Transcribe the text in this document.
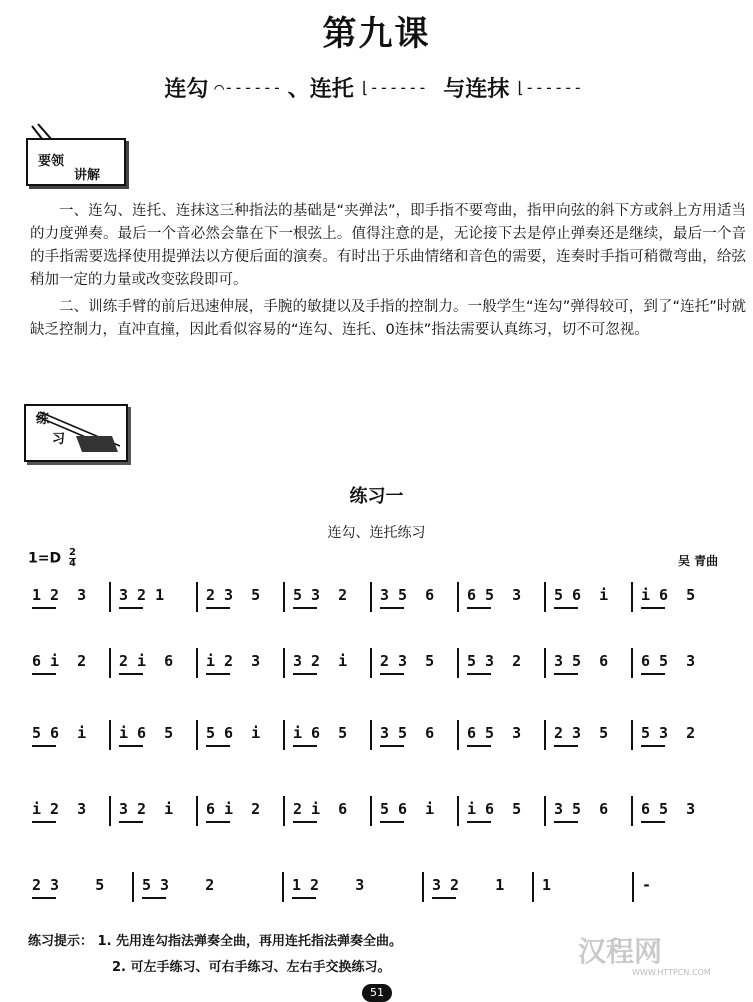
第九课
连勾 ⌒------ 、 连托 ⌊------ 与连抹 ⌊------
要领
讲解
一、连勾、连托、连抹这三种指法的基础是“夹弹法”，即手指不要弯曲，指甲向弦的斜下方或斜上方用适当的力度弹奏。最后一个音必然会靠在下一根弦上。值得注意的是，无论接下去是停止弹奏还是继续，最后一个音的手指需要选择使用提弹法以方便后面的演奏。有时出于乐曲情绪和音色的需要，连奏时手指可稍微弯曲，给弦稍加一定的力量或改变弦段即可。
二、训练手臂的前后迅速伸展，手腕的敏捷以及手指的控制力。一般学生“连勾”弹得较可，到了“连托”时就缺乏控制力，直冲直撞，因此看似容易的“连勾、连托、0连抹”指法需要认真练习，切不可忽视。
练
习
练习一
连勾、连托练习
$1=D \frac{2}{4}$	吴 青曲
1 2  3	3 2 1	2 3  5	5 3  2	3 5  6	6 5  3	5 6  i	i 6  5
6 i  2	2 i  6	i 2  3	3 2  i	2 3  5	5 3  2	3 5  6	6 5  3
5 6  i	i 6  5	5 6  i	i 6  5	3 5  6	6 5  3	2 3  5	5 3  2
i 2  3	3 2  i	6 i  2	2 i  6	5 6  i	i 6  5	3 5  6	6 5  3
2 3    5	5 3    2	1 2    3	3 2    1	1	-
练习提示： 1. 先用连勾指法弹奏全曲，再用连托指法弹奏全曲。
2. 可左手练习、可右手练习、左右手交换练习。	汉程网
WWW.HTTPCN.COM
51
